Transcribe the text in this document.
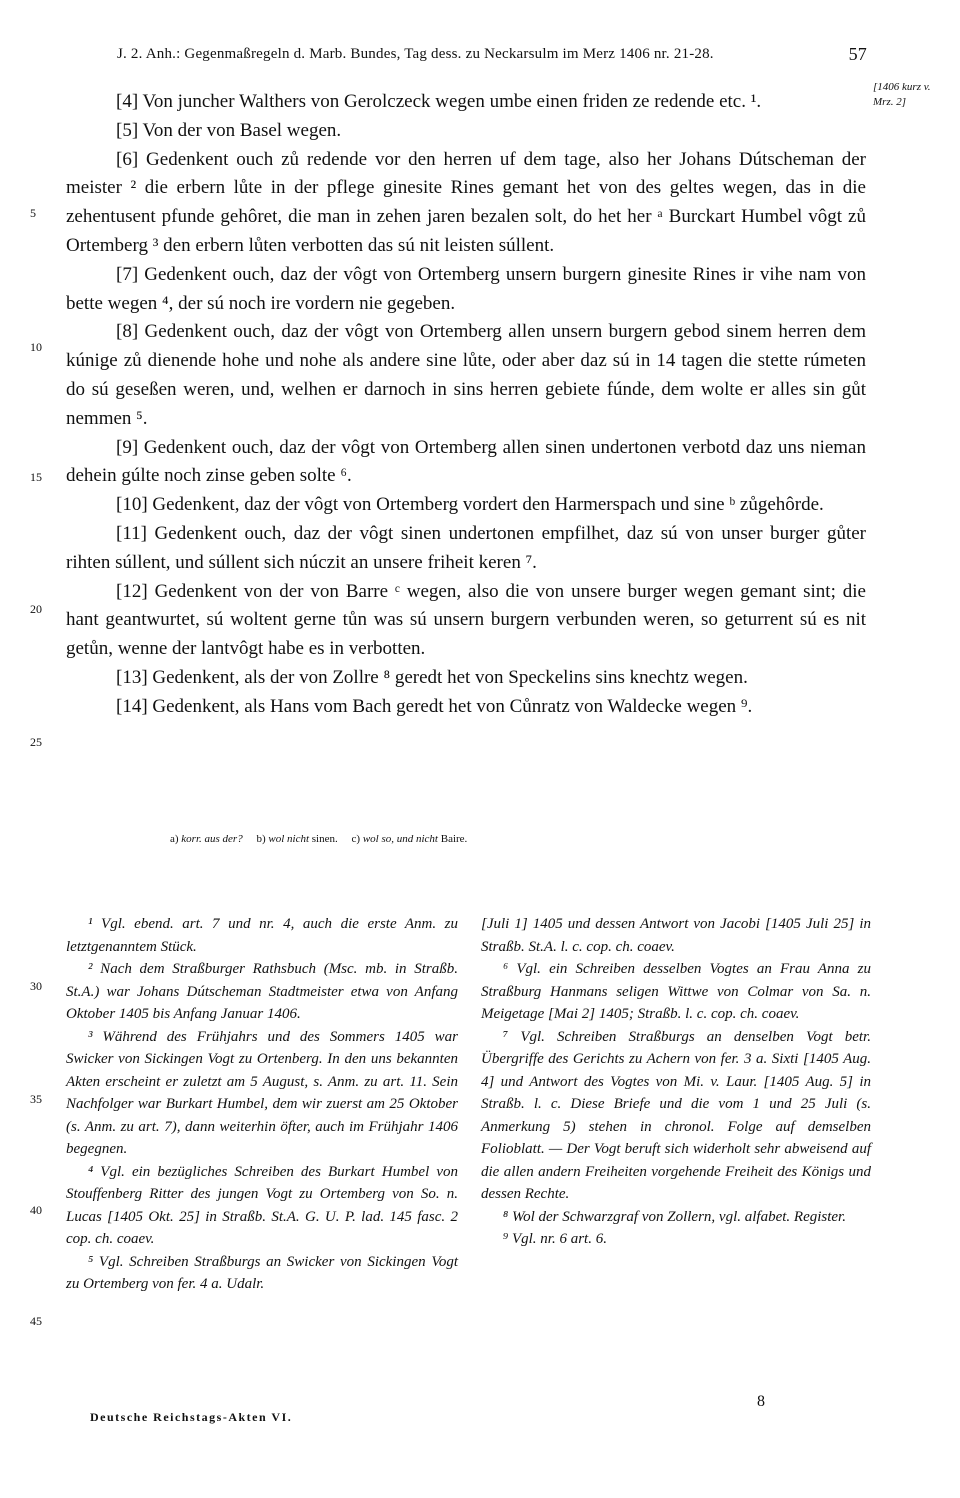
J. 2. Anh.: Gegenmaßregeln d. Marb. Bundes, Tag dess. zu Neckarsulm im Merz 1406 nr. 21-28.	57
[1406 kurz v. Mrz. 2]

[4] Von juncher Walthers von Gerolczeck wegen umbe einen friden ze redende etc. ¹.

[5] Von der von Basel wegen.

[6] Gedenkent ouch zů redende vor den herren uf dem tage, also her Johans Dútscheman der meister ² die erbern lůte in der pflege ginesite Rines gemant het von des geltes wegen, das in die zehentusent pfunde gehôret, die man in zehen jaren bezalen solt, do het her ᵃ Burckart Humbel vôgt zů Ortemberg ³ den erbern lůten verbotten das sú nit leisten súllent.

[7] Gedenkent ouch, daz der vôgt von Ortemberg unsern burgern ginesite Rines ir vihe nam von bette wegen ⁴, der sú noch ire vordern nie gegeben.

[8] Gedenkent ouch, daz der vôgt von Ortemberg allen unsern burgern gebod sinem herren dem kúnige zů dienende hohe und nohe als andere sine lůte, oder aber daz sú in 14 tagen die stette rúmeten do sú geseßen weren, und, welhen er darnoch in sins herren gebiete fúnde, dem wolte er alles sin gůt nemmen ⁵.

[9] Gedenkent ouch, daz der vôgt von Ortemberg allen sinen undertonen verbotd daz uns nieman dehein gúlte noch zinse geben solte ⁶.

[10] Gedenkent, daz der vôgt von Ortemberg vordert den Harmerspach und sine ᵇ zůgehôrde.

[11] Gedenkent ouch, daz der vôgt sinen undertonen empfilhet, daz sú von unser burger gůter rihten súllent, und súllent sich núczit an unsere friheit keren ⁷.

[12] Gedenkent von der von Barre ᶜ wegen, also die von unsere burger wegen gemant sint; die hant geantwurtet, sú woltent gerne tůn was sú unsern burgern verbunden weren, so geturrent sú es nit getůn, wenne der lantvôgt habe es in verbotten.

[13] Gedenkent, als der von Zollre ⁸ geredt het von Speckelins sins knechtz wegen.

[14] Gedenkent, als Hans vom Bach geredt het von Cůnratz von Waldecke wegen ⁹.

5
10
15
20
25
30
35
40
45
a) korr. aus der? b) wol nicht sinen. c) wol so, und nicht Baire.

¹ Vgl. ebend. art. 7 und nr. 4, auch die erste Anm. zu letztgenanntem Stück.

² Nach dem Straßburger Rathsbuch (Msc. mb. in Straßb. St.A.) war Johans Dútscheman Stadtmeister etwa von Anfang Oktober 1405 bis Anfang Januar 1406.

³ Während des Frühjahrs und des Sommers 1405 war Swicker von Sickingen Vogt zu Ortenberg. In den uns bekannten Akten erscheint er zuletzt am 5 August, s. Anm. zu art. 11. Sein Nachfolger war Burkart Humbel, dem wir zuerst am 25 Oktober (s. Anm. zu art. 7), dann weiterhin öfter, auch im Frühjahr 1406 begegnen.

⁴ Vgl. ein bezügliches Schreiben des Burkart Humbel von Stouffenberg Ritter des jungen Vogt zu Ortemberg von So. n. Lucas [1405 Okt. 25] in Straßb. St.A. G. U. P. lad. 145 fasc. 2 cop. ch. coaev.

⁵ Vgl. Schreiben Straßburgs an Swicker von Sickingen Vogt zu Ortemberg von fer. 4 a. Udalr.

[Juli 1] 1405 und dessen Antwort von Jacobi [1405 Juli 25] in Straßb. St.A. l. c. cop. ch. coaev.

⁶ Vgl. ein Schreiben desselben Vogtes an Frau Anna zu Straßburg Hanmans seligen Wittwe von Colmar von Sa. n. Meigetage [Mai 2] 1405; Straßb. l. c. cop. ch. coaev.

⁷ Vgl. Schreiben Straßburgs an denselben Vogt betr. Übergriffe des Gerichts zu Achern von fer. 3 a. Sixti [1405 Aug. 4] und Antwort des Vogtes von Mi. v. Laur. [1405 Aug. 5] in Straßb. l. c. Diese Briefe und die vom 1 und 25 Juli (s. Anmerkung 5) stehen in chronol. Folge auf demselben Folioblatt. — Der Vogt beruft sich widerholt sehr abweisend auf die allen andern Freiheiten vorgehende Freiheit des Königs und dessen Rechte.

⁸ Wol der Schwarzgraf von Zollern, vgl. alfabet. Register.

⁹ Vgl. nr. 6 art. 6.

Deutsche Reichstags-Akten VI.
8
